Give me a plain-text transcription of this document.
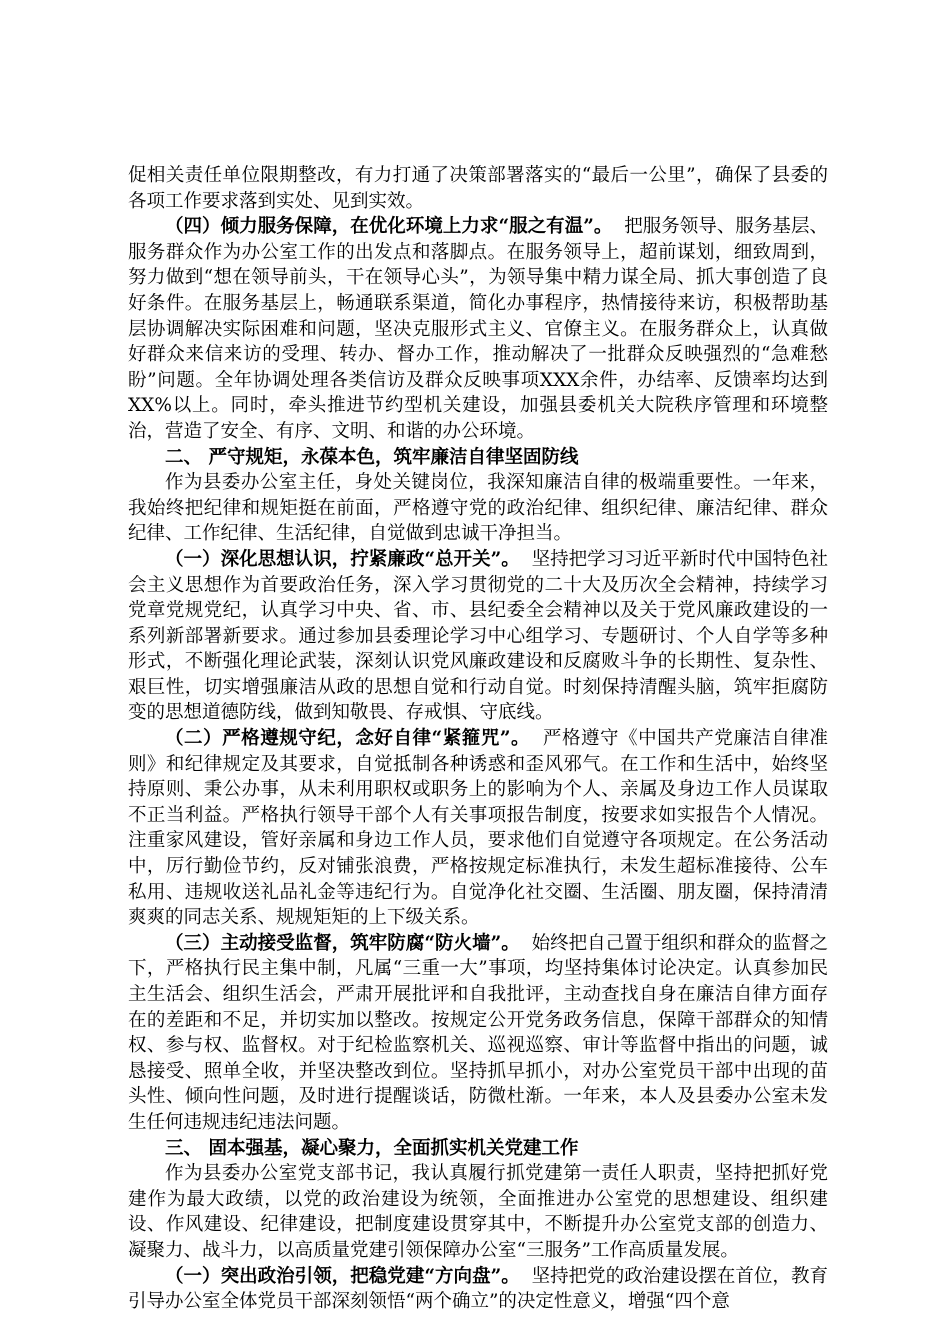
促相关责任单位限期整改，有力打通了决策部署落实的“最后一公里”，确保了县委的各项工作要求落到实处、见到实效。

（四）倾力服务保障，在优化环境上力求“服之有温”。 把服务领导、服务基层、服务群众作为办公室工作的出发点和落脚点。在服务领导上，超前谋划，细致周到，努力做到“想在领导前头，干在领导心头”，为领导集中精力谋全局、抓大事创造了良好条件。在服务基层上，畅通联系渠道，简化办事程序，热情接待来访，积极帮助基层协调解决实际困难和问题，坚决克服形式主义、官僚主义。在服务群众上，认真做好群众来信来访的受理、转办、督办工作，推动解决了一批群众反映强烈的“急难愁盼”问题。全年协调处理各类信访及群众反映事项XXX余件，办结率、反馈率均达到XX%以上。同时，牵头推进节约型机关建设，加强县委机关大院秩序管理和环境整治，营造了安全、有序、文明、和谐的办公环境。

二、 严守规矩，永葆本色，筑牢廉洁自律坚固防线

作为县委办公室主任，身处关键岗位，我深知廉洁自律的极端重要性。一年来，我始终把纪律和规矩挺在前面，严格遵守党的政治纪律、组织纪律、廉洁纪律、群众纪律、工作纪律、生活纪律，自觉做到忠诚干净担当。

（一）深化思想认识，拧紧廉政“总开关”。 坚持把学习习近平新时代中国特色社会主义思想作为首要政治任务，深入学习贯彻党的二十大及历次全会精神，持续学习党章党规党纪，认真学习中央、省、市、县纪委全会精神以及关于党风廉政建设的一系列新部署新要求。通过参加县委理论学习中心组学习、专题研讨、个人自学等多种形式，不断强化理论武装，深刻认识党风廉政建设和反腐败斗争的长期性、复杂性、艰巨性，切实增强廉洁从政的思想自觉和行动自觉。时刻保持清醒头脑，筑牢拒腐防变的思想道德防线，做到知敬畏、存戒惧、守底线。

（二）严格遵规守纪，念好自律“紧箍咒”。 严格遵守《中国共产党廉洁自律准则》和纪律规定及其要求，自觉抵制各种诱惑和歪风邪气。在工作和生活中，始终坚持原则、秉公办事，从未利用职权或职务上的影响为个人、亲属及身边工作人员谋取不正当利益。严格执行领导干部个人有关事项报告制度，按要求如实报告个人情况。注重家风建设，管好亲属和身边工作人员，要求他们自觉遵守各项规定。在公务活动中，厉行勤俭节约，反对铺张浪费，严格按规定标准执行，未发生超标准接待、公车私用、违规收送礼品礼金等违纪行为。自觉净化社交圈、生活圈、朋友圈，保持清清爽爽的同志关系、规规矩矩的上下级关系。

（三）主动接受监督，筑牢防腐“防火墙”。 始终把自己置于组织和群众的监督之下，严格执行民主集中制，凡属“三重一大”事项，均坚持集体讨论决定。认真参加民主生活会、组织生活会，严肃开展批评和自我批评，主动查找自身在廉洁自律方面存在的差距和不足，并切实加以整改。按规定公开党务政务信息，保障干部群众的知情权、参与权、监督权。对于纪检监察机关、巡视巡察、审计等监督中指出的问题，诚恳接受、照单全收，并坚决整改到位。坚持抓早抓小，对办公室党员干部中出现的苗头性、倾向性问题，及时进行提醒谈话，防微杜渐。一年来，本人及县委办公室未发生任何违规违纪违法问题。

三、 固本强基，凝心聚力，全面抓实机关党建工作

作为县委办公室党支部书记，我认真履行抓党建第一责任人职责，坚持把抓好党建作为最大政绩，以党的政治建设为统领，全面推进办公室党的思想建设、组织建设、作风建设、纪律建设，把制度建设贯穿其中，不断提升办公室党支部的创造力、凝聚力、战斗力，以高质量党建引领保障办公室“三服务”工作高质量发展。

（一）突出政治引领，把稳党建“方向盘”。 坚持把党的政治建设摆在首位，教育引导办公室全体党员干部深刻领悟“两个确立”的决定性意义，增强“四个意
